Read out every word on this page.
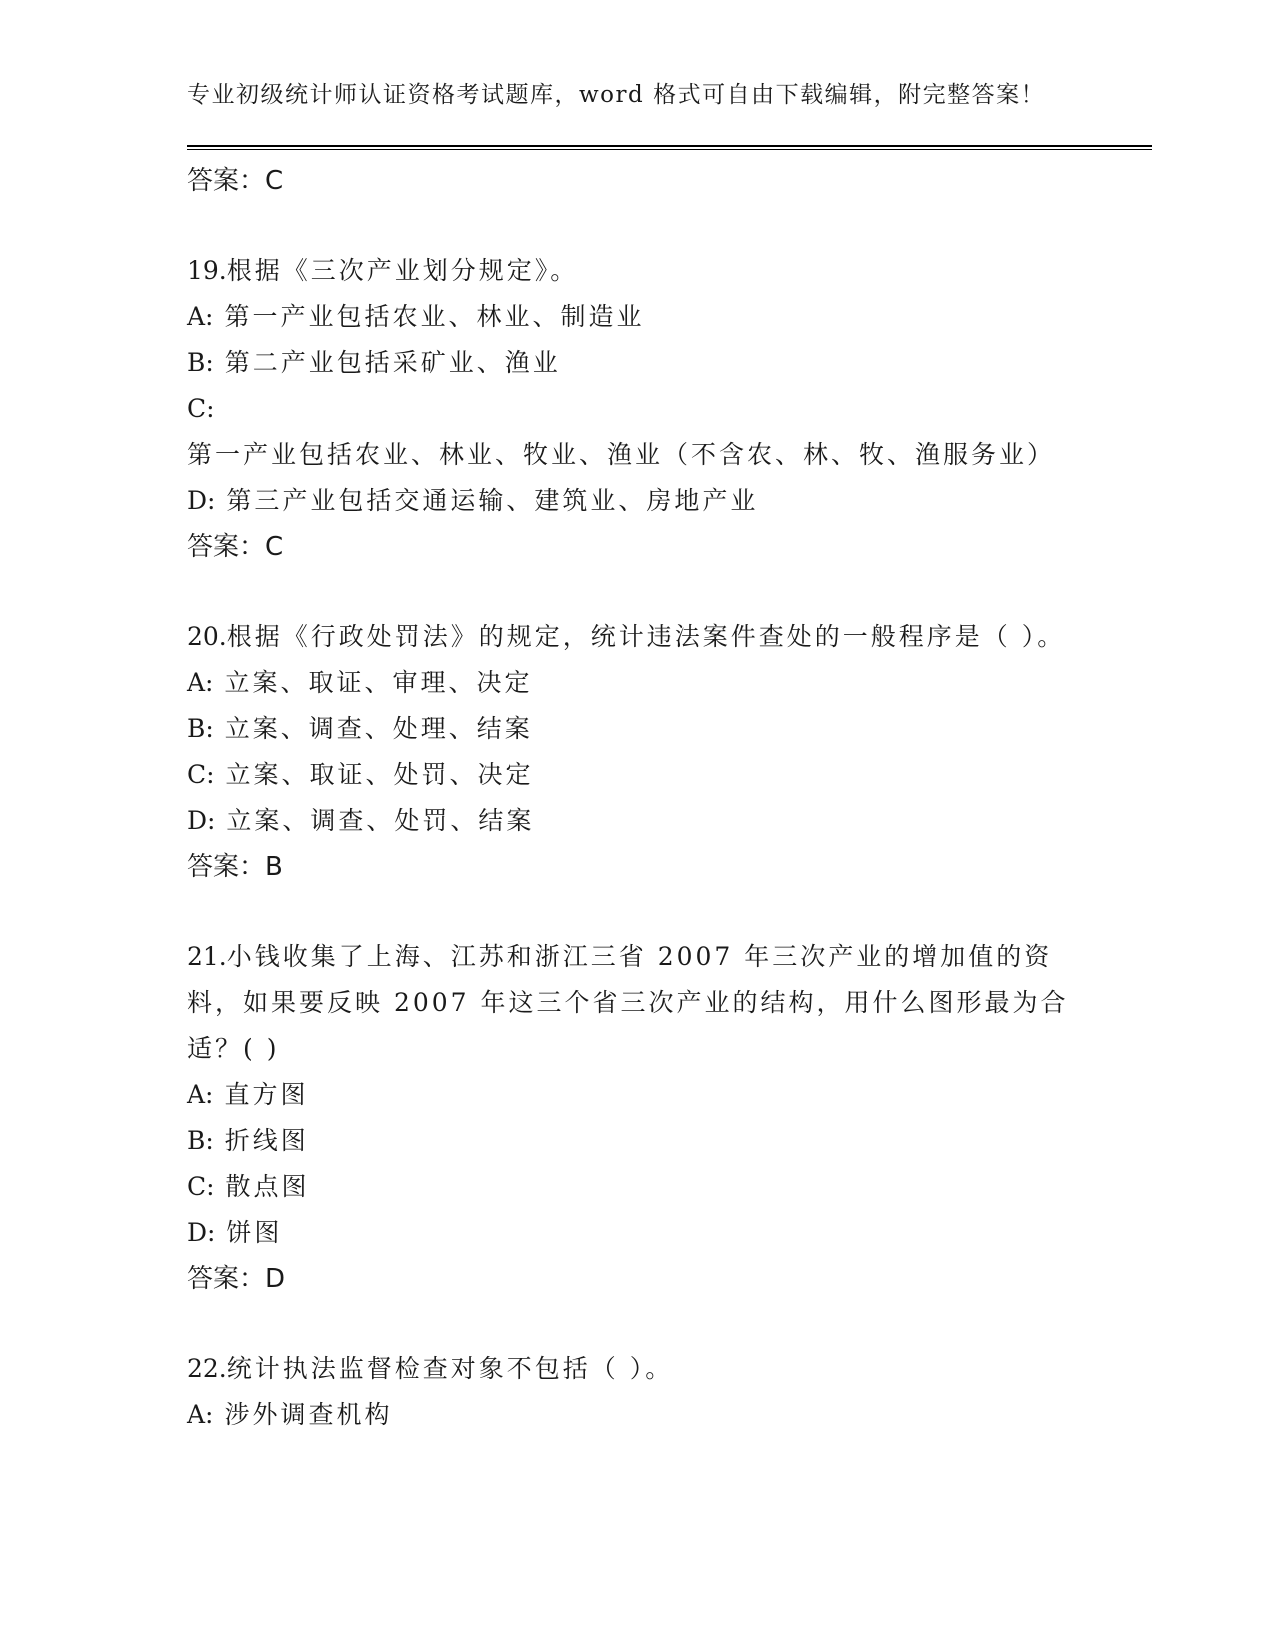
专业初级统计师认证资格考试题库，word 格式可自由下载编辑，附完整答案！
答案：C
19.根据《三次产业划分规定》。
A: 第一产业包括农业、林业、制造业
B: 第二产业包括采矿业、渔业
C: 第一产业包括农业、林业、牧业、渔业（不含农、林、牧、渔服务业）
D: 第三产业包括交通运输、建筑业、房地产业
答案：C
20.根据《行政处罚法》的规定，统计违法案件查处的一般程序是（ ）。
A: 立案、取证、审理、决定
B: 立案、调查、处理、结案
C: 立案、取证、处罚、决定
D: 立案、调查、处罚、结案
答案：B
21.小钱收集了上海、江苏和浙江三省 2007 年三次产业的增加值的资料，如果要反映 2007 年这三个省三次产业的结构，用什么图形最为合适？( )
A: 直方图
B: 折线图
C: 散点图
D: 饼图
答案：D
22.统计执法监督检查对象不包括（ ）。
A: 涉外调查机构
